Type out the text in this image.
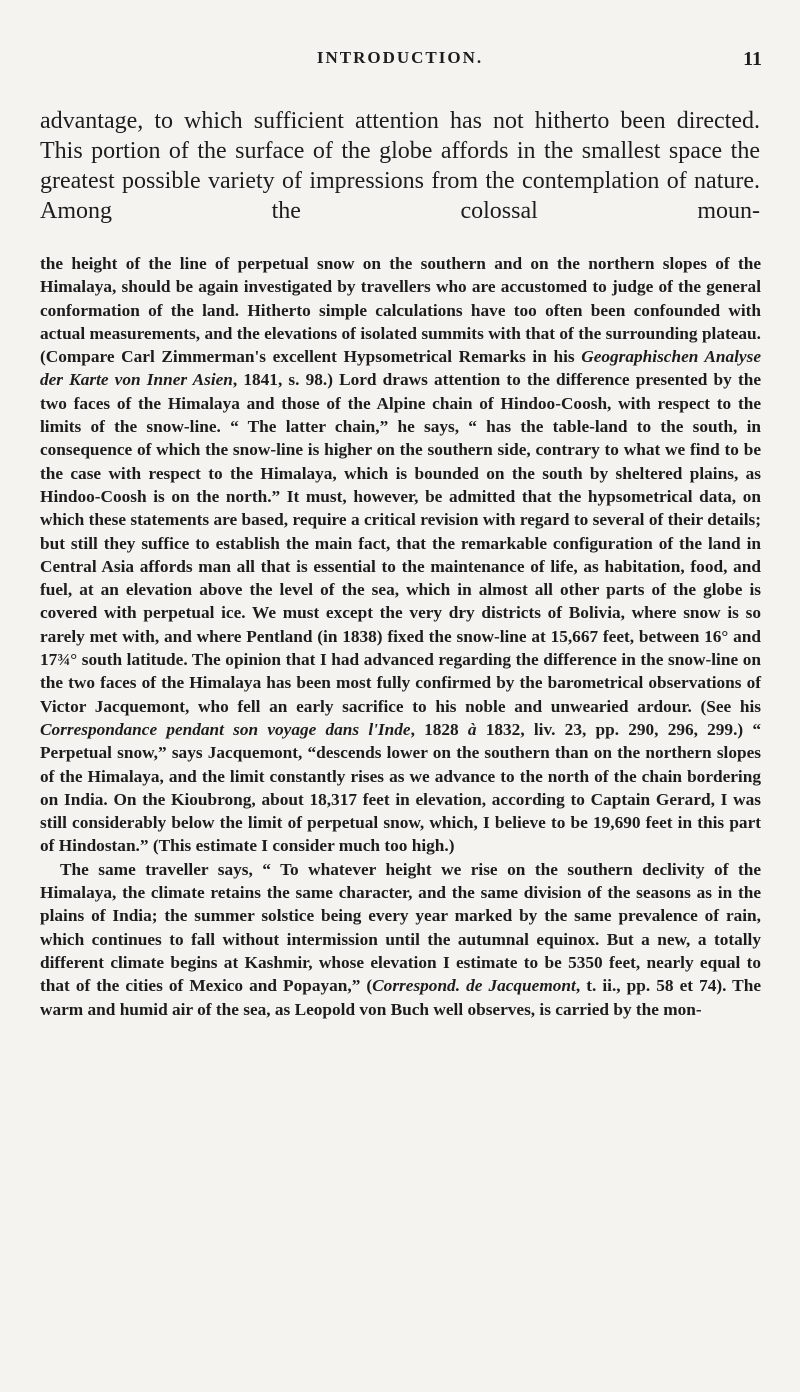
INTRODUCTION.	11

advantage, to which sufficient attention has not hitherto been directed. This portion of the surface of the globe affords in the smallest space the greatest possible variety of impressions from the contemplation of nature. Among the colossal moun-

the height of the line of perpetual snow on the southern and on the northern slopes of the Himalaya, should be again investigated by travellers who are accustomed to judge of the general conformation of the land. Hitherto simple calculations have too often been confounded with actual measurements, and the elevations of isolated summits with that of the surrounding plateau. (Compare Carl Zimmerman's excellent Hypsometrical Remarks in his Geographischen Analyse der Karte von Inner Asien, 1841, s. 98.) Lord draws attention to the difference presented by the two faces of the Himalaya and those of the Alpine chain of Hindoo-Coosh, with respect to the limits of the snow-line. “ The latter chain,” he says, “ has the table-land to the south, in consequence of which the snow-line is higher on the southern side, contrary to what we find to be the case with respect to the Himalaya, which is bounded on the south by sheltered plains, as Hindoo-Coosh is on the north.” It must, however, be admitted that the hypsometrical data, on which these statements are based, require a critical revision with regard to several of their details; but still they suffice to establish the main fact, that the remarkable configuration of the land in Central Asia affords man all that is essential to the maintenance of life, as habitation, food, and fuel, at an elevation above the level of the sea, which in almost all other parts of the globe is covered with perpetual ice. We must except the very dry districts of Bolivia, where snow is so rarely met with, and where Pentland (in 1838) fixed the snow-line at 15,667 feet, between 16° and 17¾° south latitude. The opinion that I had advanced regarding the difference in the snow-line on the two faces of the Himalaya has been most fully confirmed by the barometrical observations of Victor Jacquemont, who fell an early sacrifice to his noble and unwearied ardour. (See his Correspondance pendant son voyage dans l'Inde, 1828 à 1832, liv. 23, pp. 290, 296, 299.) “ Perpetual snow,” says Jacquemont, “descends lower on the southern than on the northern slopes of the Himalaya, and the limit constantly rises as we advance to the north of the chain bordering on India. On the Kioubrong, about 18,317 feet in elevation, according to Captain Gerard, I was still considerably below the limit of perpetual snow, which, I believe to be 19,690 feet in this part of Hindostan.” (This estimate I consider much too high.)

The same traveller says, “ To whatever height we rise on the southern declivity of the Himalaya, the climate retains the same character, and the same division of the seasons as in the plains of India; the summer solstice being every year marked by the same prevalence of rain, which continues to fall without intermission until the autumnal equinox. But a new, a totally different climate begins at Kashmir, whose elevation I estimate to be 5350 feet, nearly equal to that of the cities of Mexico and Popayan,” (Correspond. de Jacquemont, t. ii., pp. 58 et 74). The warm and humid air of the sea, as Leopold von Buch well observes, is carried by the mon-
